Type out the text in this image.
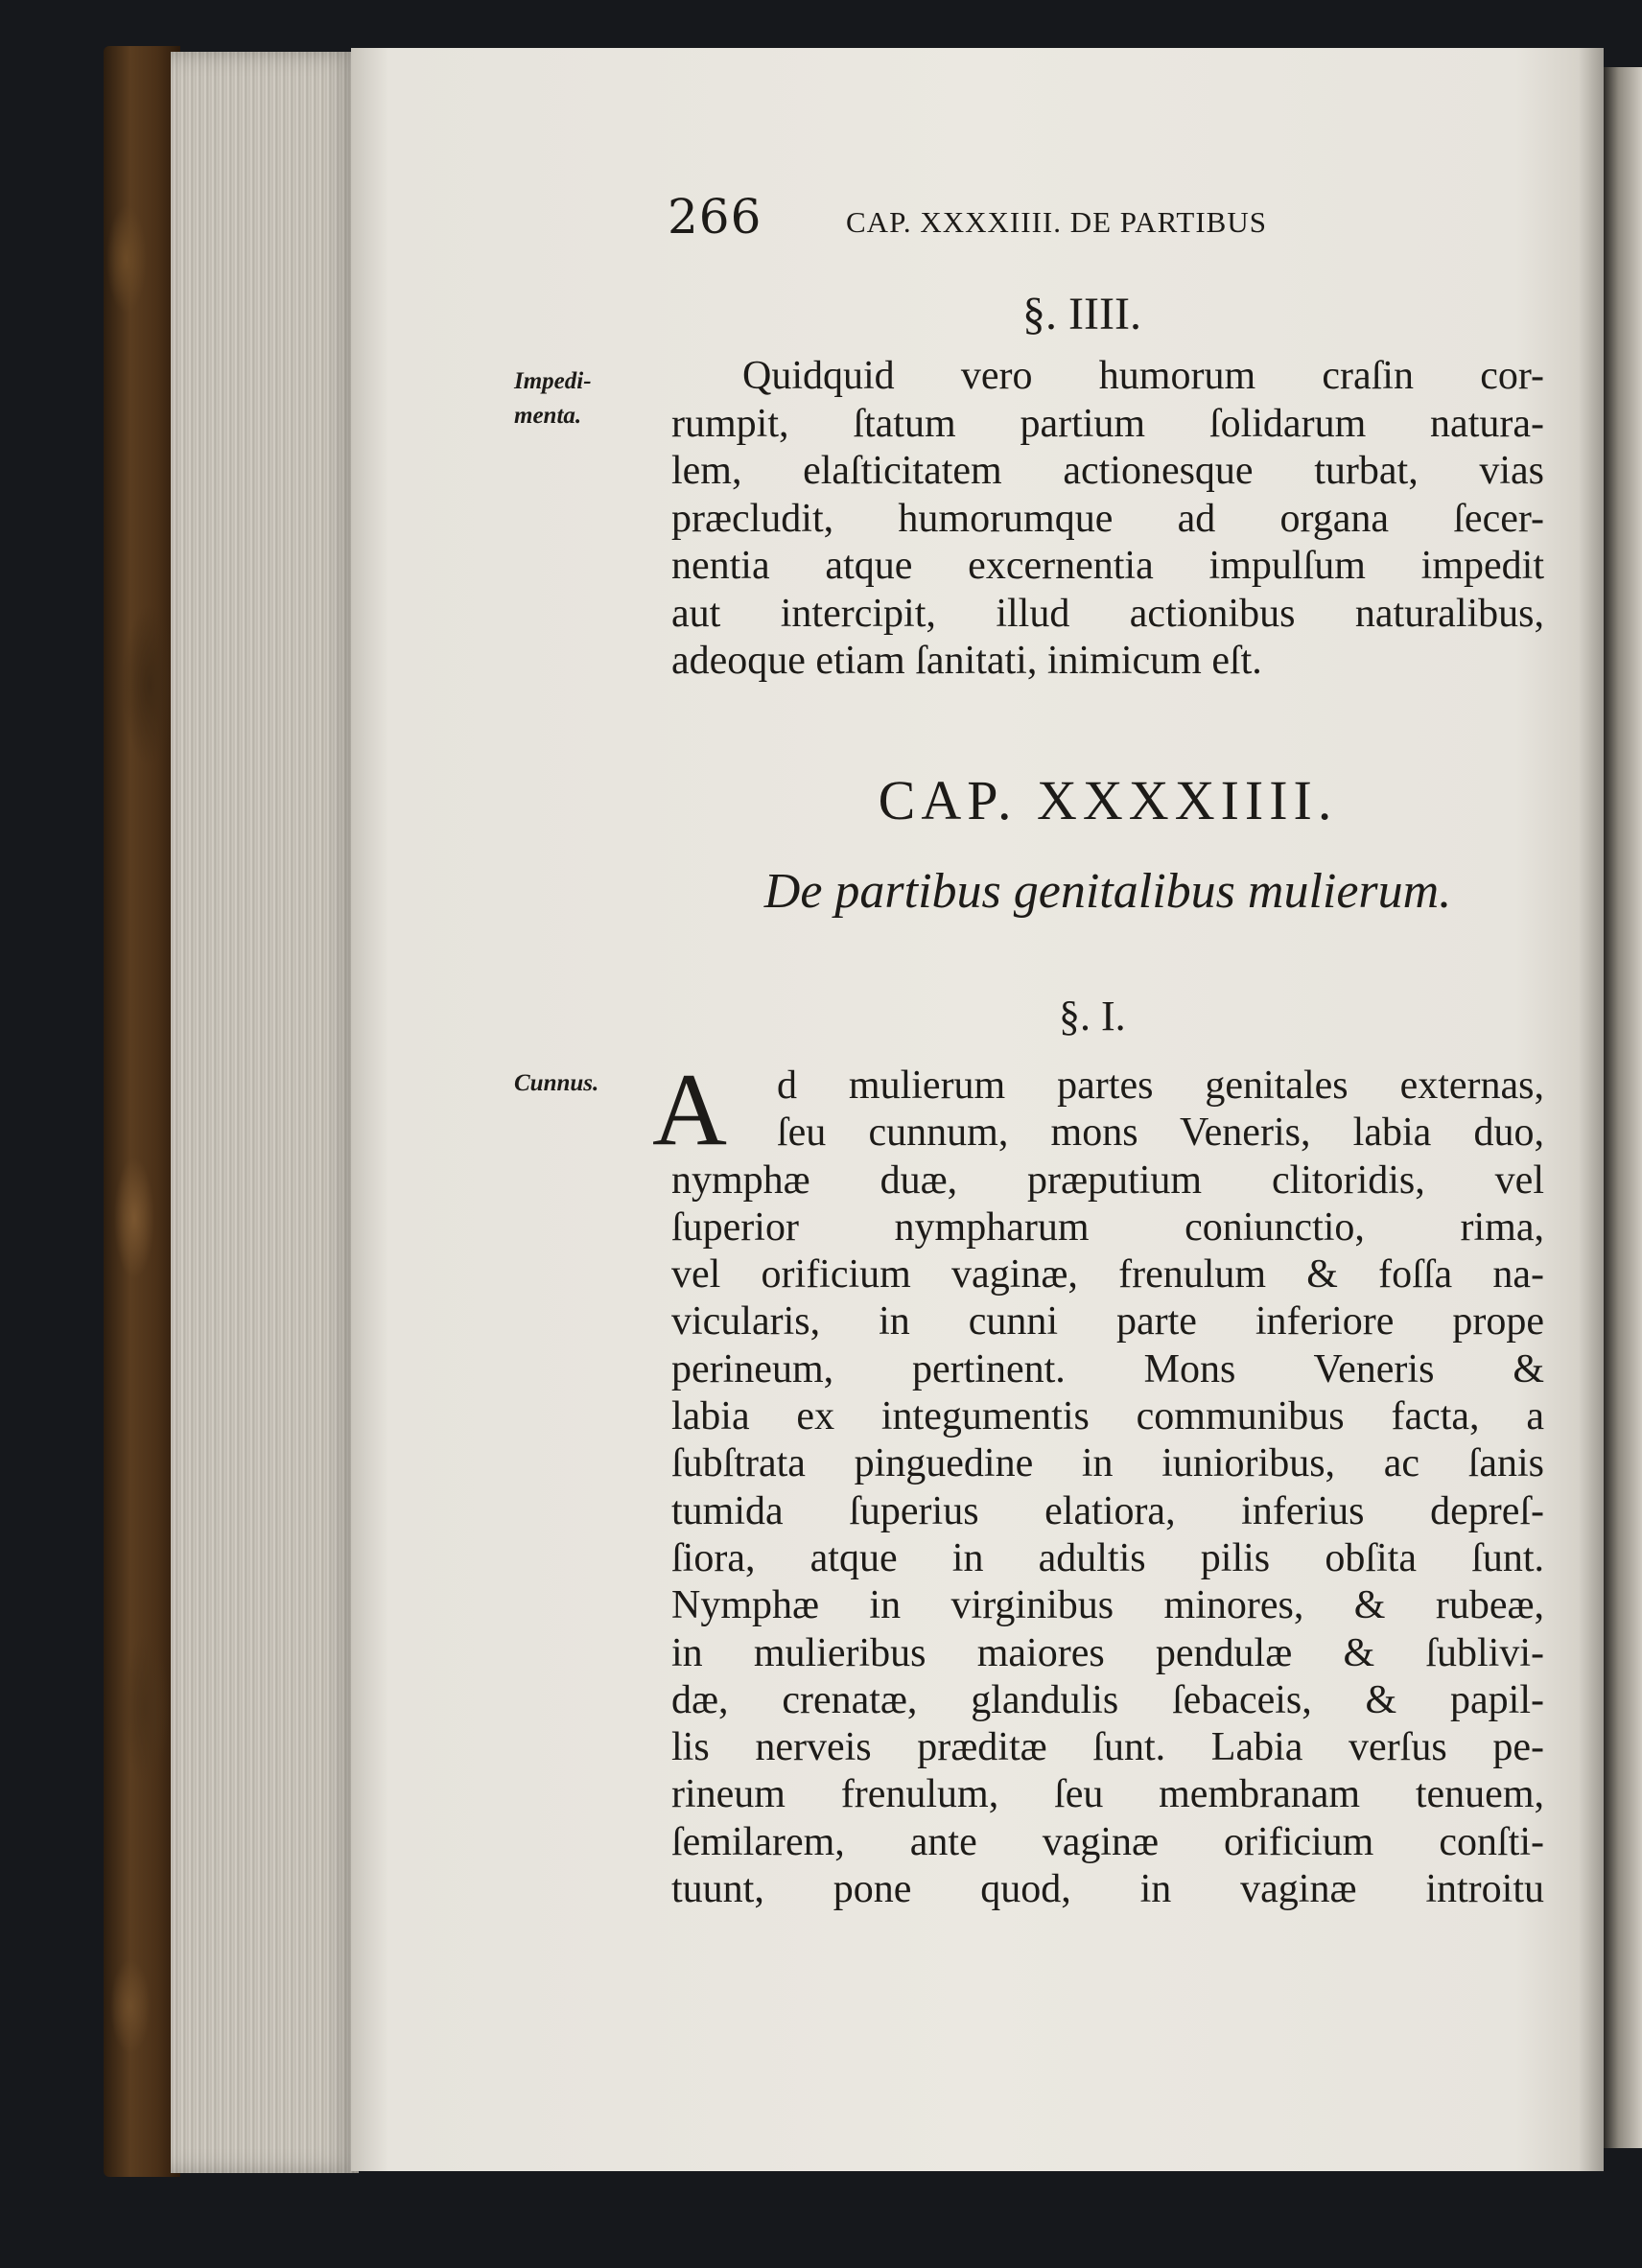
266	CAP. XXXXIIII. DE PARTIBUS
§. IIII.
Impedi-
menta.
Quidquid vero humorum craſin cor-
rumpit, ſtatum partium ſolidarum natura-
lem, elaſticitatem actionesque turbat, vias
præcludit, humorumque ad organa ſecer-
nentia atque excernentia impulſum impedit
aut intercipit, illud actionibus naturalibus,
adeoque etiam ſanitati, inimicum eſt.
CAP. XXXXIIII.
De partibus genitalibus mulierum.
§. I.
Cunnus. A	d mulierum partes genitales externas,
ſeu cunnum, mons Veneris, labia duo,
nymphæ duæ, præputium clitoridis, vel
ſuperior nympharum coniunctio, rima,
vel orificium vaginæ, frenulum & foſſa na-
vicularis, in cunni parte inferiore prope
perineum, pertinent. Mons Veneris &
labia ex integumentis communibus facta, a
ſubſtrata pinguedine in iunioribus, ac ſanis
tumida ſuperius elatiora, inferius depreſ-
ſiora, atque in adultis pilis obſita ſunt.
Nymphæ in virginibus minores, & rubeæ,
in mulieribus maiores pendulæ & ſublivi-
dæ, crenatæ, glandulis ſebaceis, & papil-
lis nerveis præditæ ſunt. Labia verſus pe-
rineum frenulum, ſeu membranam tenuem,
ſemilarem, ante vaginæ orificium conſti-
tuunt, pone quod, in vaginæ introitu
